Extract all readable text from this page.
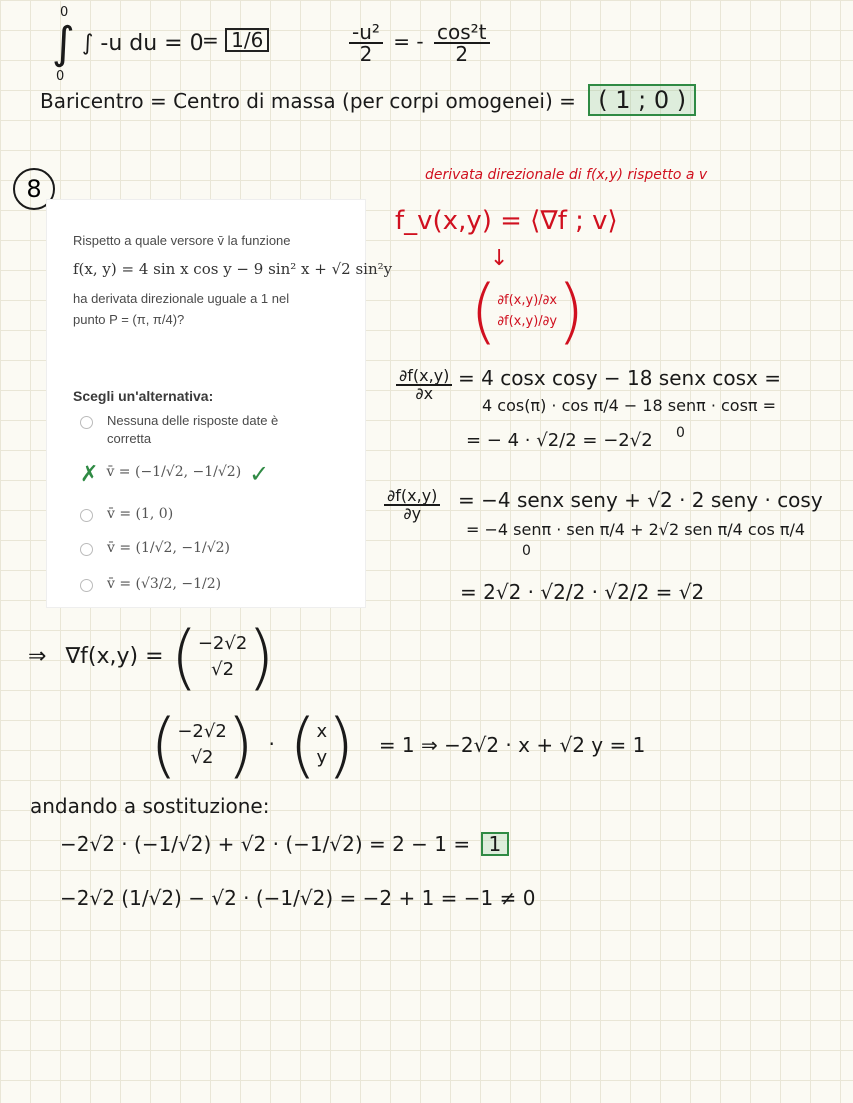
∫ ∫ -u du = 0
0
0
= 1/6	$\frac{\text{-u²}}{2}$ = - $\frac{\text{cos²t}}{2}$
Baricentro = Centro di massa (per corpi omogenei) = ( 1 ; 0 )
8	derivata direzionale di f(x,y) rispetto a v
f_v(x,y) = ⟨∇f ; v⟩
↓
( ∂f(x,y)/∂x
∂f(x,y)/∂y )
Rispetto a quale versore v̄ la funzione
f(x, y) = 4 sin x cos y − 9 sin² x + √2 sin²y
ha derivata direzionale uguale a 1 nel
punto P = (π, π/4)?
Scegli un'alternativa:
Nessuna delle risposte date è
corretta
✗ v̄ = (−1/√2, −1/√2) ✓
v̄ = (1, 0)
v̄ = (1/√2, −1/√2)
v̄ = (√3/2, −1/2)
$\frac{\partial f(x,y)}{\partial x} = 4$ cosx cosy − 18 senx cosx =
4 cos(π) · cos π/4 − 18 senπ · cosπ =
= − 4 · √2/2 = −2√2 0
$\frac{\partial f(x,y)}{\partial y} = -4$ senx seny + √2 · 2 seny · cosy
= −4 senπ · sen π/4 + 2√2 sen π/4 cos π/4
0
= 2√2 · √2/2 · √2/2 = √2
⇒ ∇f(x,y) = ( −2√2
√2 )
( −2√2
√2 ) · ( x
y ) = 1 ⇒ −2√2 · x + √2 y = 1
andando a sostituzione:
−2√2 · (−1/√2) + √2 · (−1/√2) = 2 − 1 = 1
−2√2 (1/√2) − √2 · (−1/√2) = −2 + 1 = −1 ≠ 0
